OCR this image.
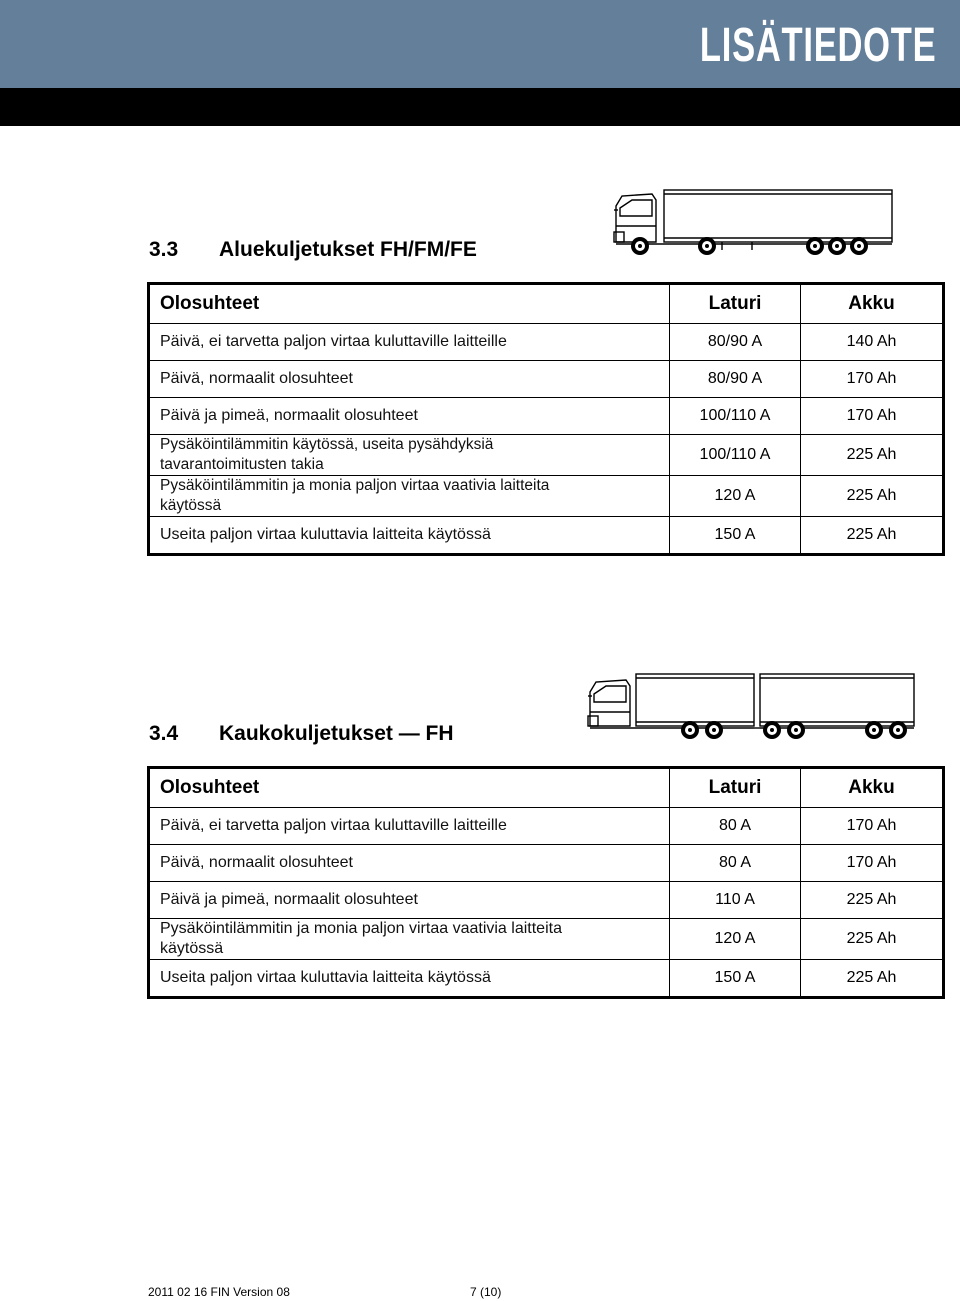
LISÄTIEDOTE
FH, FM, FE, FL	Laturin ja akun kapasiteettisuositukset
3.3 Aluekuljetukset FH/FM/FE
Olosuhteet	Laturi	Akku
Päivä, ei tarvetta paljon virtaa kuluttaville laitteille	80/90 A	140 Ah
Päivä, normaalit olosuhteet	80/90 A	170 Ah
Päivä ja pimeä, normaalit olosuhteet	100/110 A	170 Ah
Pysäköintilämmitin käytössä, useita pysähdyksiä tavarantoimitusten takia	100/110 A	225 Ah
Pysäköintilämmitin ja monia paljon virtaa vaativia laitteita käytössä	120 A	225 Ah
Useita paljon virtaa kuluttavia laitteita käytössä	150 A	225 Ah
3.4 Kaukokuljetukset — FH
Olosuhteet	Laturi	Akku
Päivä, ei tarvetta paljon virtaa kuluttaville laitteille	80 A	170 Ah
Päivä, normaalit olosuhteet	80 A	170 Ah
Päivä ja pimeä, normaalit olosuhteet	110 A	225 Ah
Pysäköintilämmitin ja monia paljon virtaa vaativia laitteita käytössä	120 A	225 Ah
Useita paljon virtaa kuluttavia laitteita käytössä	150 A	225 Ah
2011 02 16 FIN Version 08	7 (10)
